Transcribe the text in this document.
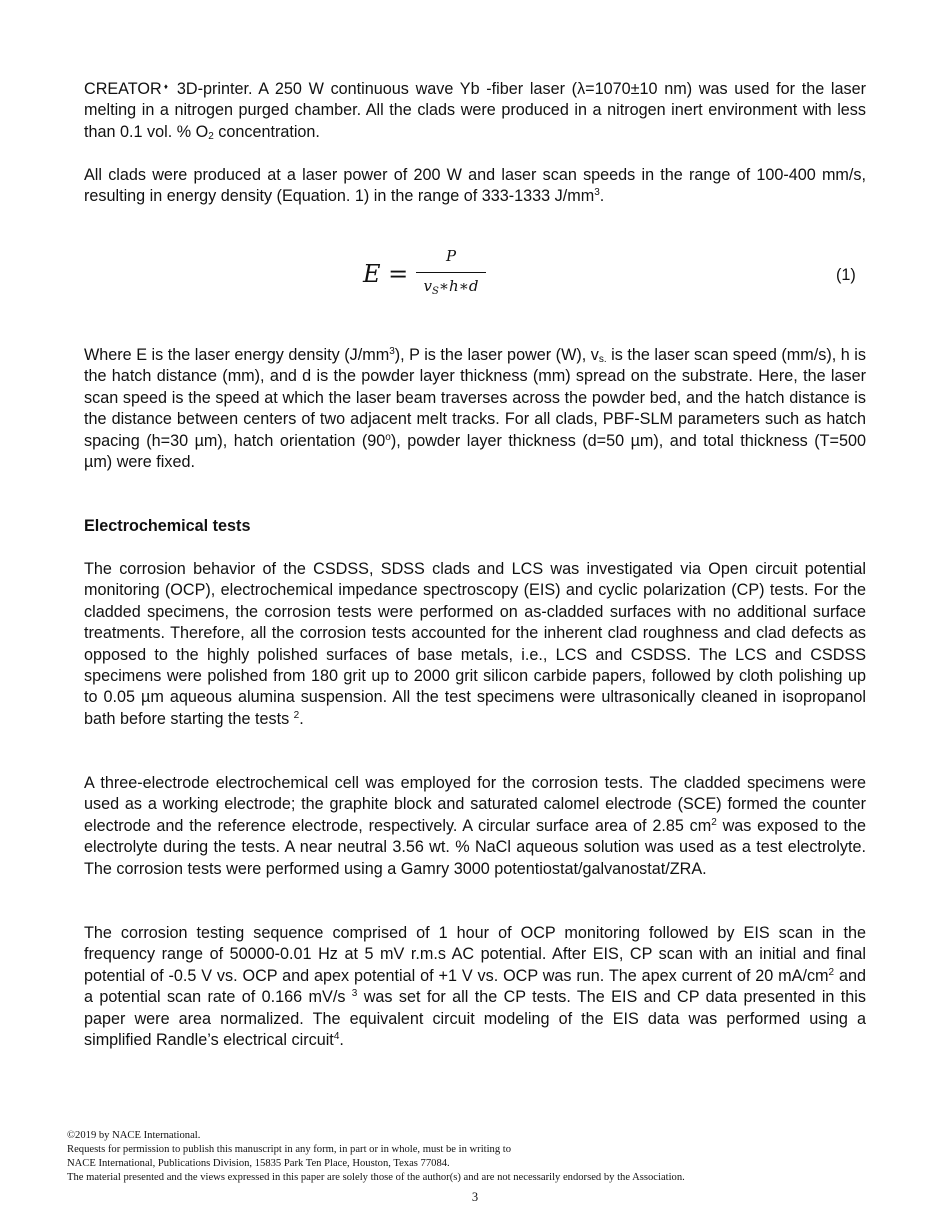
CREATOR♦ 3D-printer. A 250 W continuous wave Yb -fiber laser (λ=1070±10 nm) was used for the laser melting in a nitrogen purged chamber. All the clads were produced in a nitrogen inert environment with less than 0.1 vol. % O2 concentration.

All clads were produced at a laser power of 200 W and laser scan speeds in the range of 100-400 mm/s, resulting in energy density (Equation. 1) in the range of 333-1333 $J/mm^3$.

E =
P
$v_S∗h∗d$
(1)

Where E is the laser energy density $(J/mm^3)$, P is the laser power (W), vs. is the laser scan speed (mm/s), h is the hatch distance (mm), and d is the powder layer thickness (mm) spread on the substrate. Here, the laser scan speed is the speed at which the laser beam traverses across the powder bed, and the hatch distance is the distance between centers of two adjacent melt tracks. For all clads, PBF-SLM parameters such as hatch spacing (h=30 µm), hatch orientation (90$^o$), powder layer thickness (d=50 µm), and total thickness (T=500 µm) were fixed.

Electrochemical tests

The corrosion behavior of the CSDSS, SDSS clads and LCS was investigated via Open circuit potential monitoring (OCP), electrochemical impedance spectroscopy (EIS) and cyclic polarization (CP) tests. For the cladded specimens, the corrosion tests were performed on as-cladded surfaces with no additional surface treatments. Therefore, all the corrosion tests accounted for the inherent clad roughness and clad defects as opposed to the highly polished surfaces of base metals, i.e., LCS and CSDSS. The LCS and CSDSS specimens were polished from 180 grit up to 2000 grit silicon carbide papers, followed by cloth polishing up to 0.05 µm aqueous alumina suspension. All the test specimens were ultrasonically cleaned in isopropanol bath before starting the tests $^2$.

A three-electrode electrochemical cell was employed for the corrosion tests. The cladded specimens were used as a working electrode; the graphite block and saturated calomel electrode (SCE) formed the counter electrode and the reference electrode, respectively. A circular surface area of 2.85 $cm^2$ was exposed to the electrolyte during the tests. A near neutral 3.56 wt. % NaCl aqueous solution was used as a test electrolyte. The corrosion tests were performed using a Gamry 3000 potentiostat/galvanostat/ZRA.

The corrosion testing sequence comprised of 1 hour of OCP monitoring followed by EIS scan in the frequency range of 50000-0.01 Hz at 5 mV r.m.s AC potential. After EIS, CP scan with an initial and final potential of -0.5 V vs. OCP and apex potential of +1 V vs. OCP was run. The apex current of 20 $mA/cm^2$ and a potential scan rate of 0.166 mV/s $^3$ was set for all the CP tests. The EIS and CP data presented in this paper were area normalized. The equivalent circuit modeling of the EIS data was performed using a simplified Randle’s electrical circuit$^4$.

©2019 by NACE International.
Requests for permission to publish this manuscript in any form, in part or in whole, must be in writing to
NACE International, Publications Division, 15835 Park Ten Place, Houston, Texas 77084.
The material presented and the views expressed in this paper are solely those of the author(s) and are not necessarily endorsed by the Association.
3
